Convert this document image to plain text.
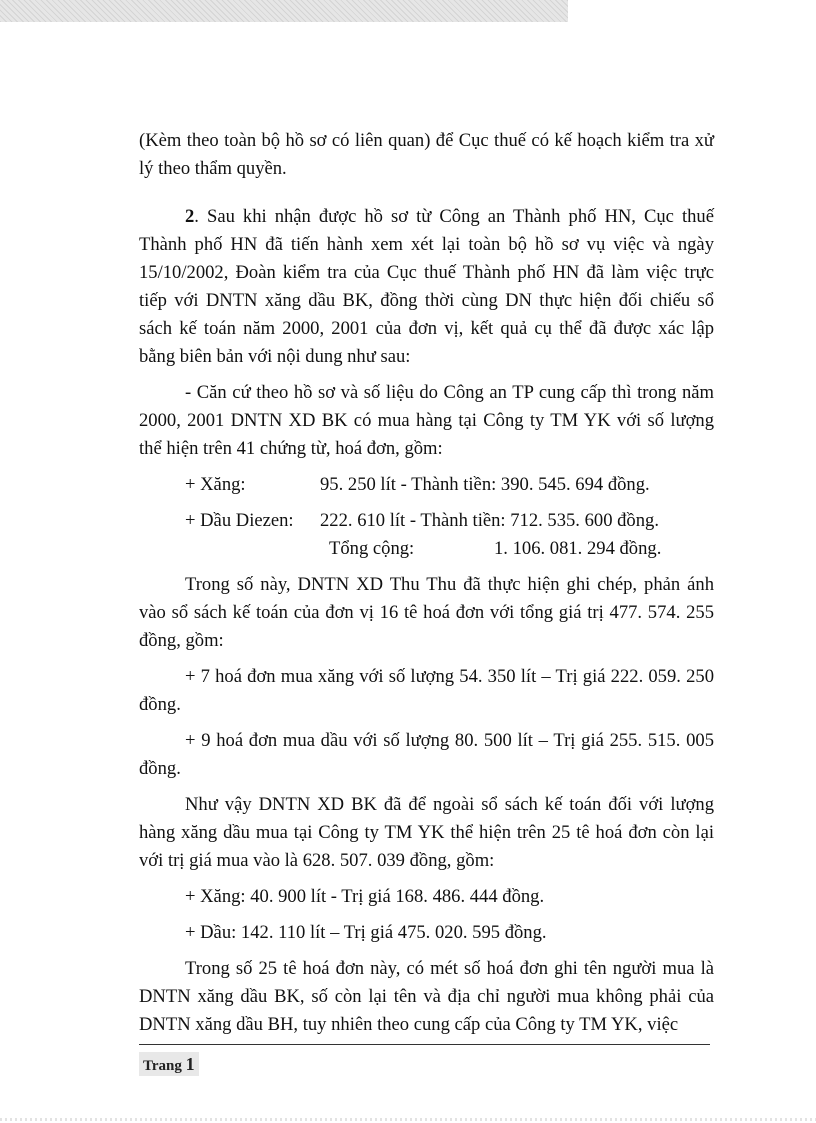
(Kèm theo toàn bộ hồ sơ có liên quan) để Cục thuế có kế hoạch kiểm tra xử lý theo thẩm quyền.

2. Sau khi nhận được hồ sơ từ Công an Thành phố HN, Cục thuế Thành phố HN đã tiến hành xem xét lại toàn bộ hồ sơ vụ việc và ngày 15/10/2002, Đoàn kiểm tra của Cục thuế Thành phố HN đã làm việc trực tiếp với DNTN xăng dầu BK, đồng thời cùng DN thực hiện đối chiếu sổ sách kế toán năm 2000, 2001 của đơn vị, kết quả cụ thể đã được xác lập bằng biên bản với nội dung như sau:

- Căn cứ theo hồ sơ và số liệu do Công an TP cung cấp thì trong năm 2000, 2001 DNTN XD BK có mua hàng tại Công ty TM YK với số lượng thể hiện trên 41 chứng từ, hoá đơn, gồm:

+ Xăng:	95. 250 lít - Thành tiền: 390. 545. 694 đồng.
+ Dầu Diezen: 222. 610 lít - Thành tiền: 712. 535. 600 đồng.
Tổng cộng:	1. 106. 081. 294 đồng.

Trong số này, DNTN XD Thu Thu đã thực hiện ghi chép, phản ánh vào sổ sách kế toán của đơn vị 16 tê hoá đơn với tổng giá trị 477. 574. 255 đồng, gồm:

+ 7 hoá đơn mua xăng với số lượng 54. 350 lít – Trị giá 222. 059. 250 đồng.

+ 9 hoá đơn mua dầu với số lượng 80. 500 lít – Trị giá 255. 515. 005 đồng.

Như vậy DNTN XD BK đã để ngoài sổ sách kế toán đối với lượng hàng xăng dầu mua tại Công ty TM YK thể hiện trên 25 tê hoá đơn còn lại với trị giá mua vào là 628. 507. 039 đồng, gồm:

+ Xăng: 40. 900 lít - Trị giá 168. 486. 444 đồng.

+ Dầu: 142. 110 lít – Trị giá 475. 020. 595 đồng.

Trong số 25 tê hoá đơn này, có mét số hoá đơn ghi tên người mua là DNTN xăng dầu BK, số còn lại tên và địa chỉ người mua không phải của DNTN xăng dầu BH, tuy nhiên theo cung cấp của Công ty TM YK, việc

Trang 1
